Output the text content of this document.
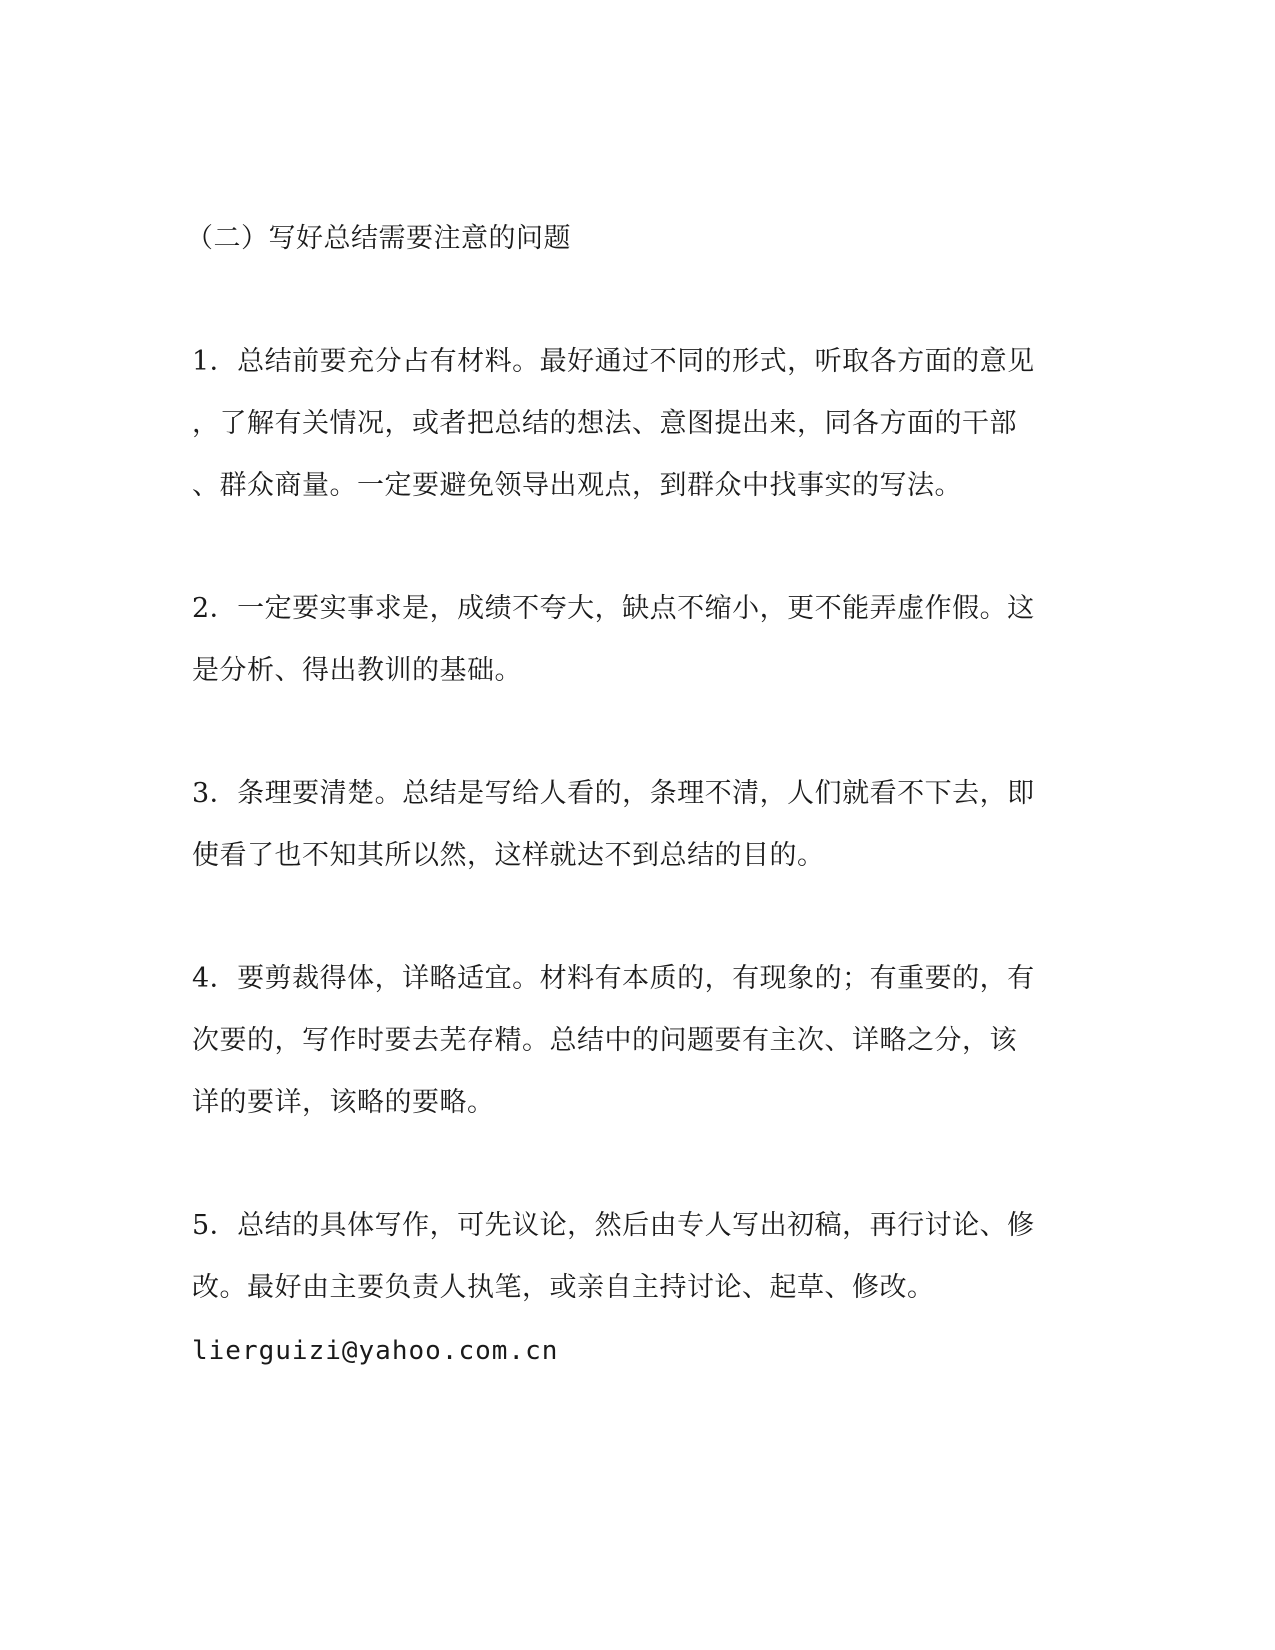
（二）写好总结需要注意的问题
1．总结前要充分占有材料。最好通过不同的形式，听取各方面的意见
，了解有关情况，或者把总结的想法、意图提出来，同各方面的干部
、群众商量。一定要避免领导出观点，到群众中找事实的写法。
2．一定要实事求是，成绩不夸大，缺点不缩小，更不能弄虚作假。这
是分析、得出教训的基础。
3．条理要清楚。总结是写给人看的，条理不清，人们就看不下去，即
使看了也不知其所以然，这样就达不到总结的目的。
4．要剪裁得体，详略适宜。材料有本质的，有现象的；有重要的，有
次要的，写作时要去芜存精。总结中的问题要有主次、详略之分，该
详的要详，该略的要略。
5．总结的具体写作，可先议论，然后由专人写出初稿，再行讨论、修
改。最好由主要负责人执笔，或亲自主持讨论、起草、修改。
lierguizi@yahoo.com.cn
